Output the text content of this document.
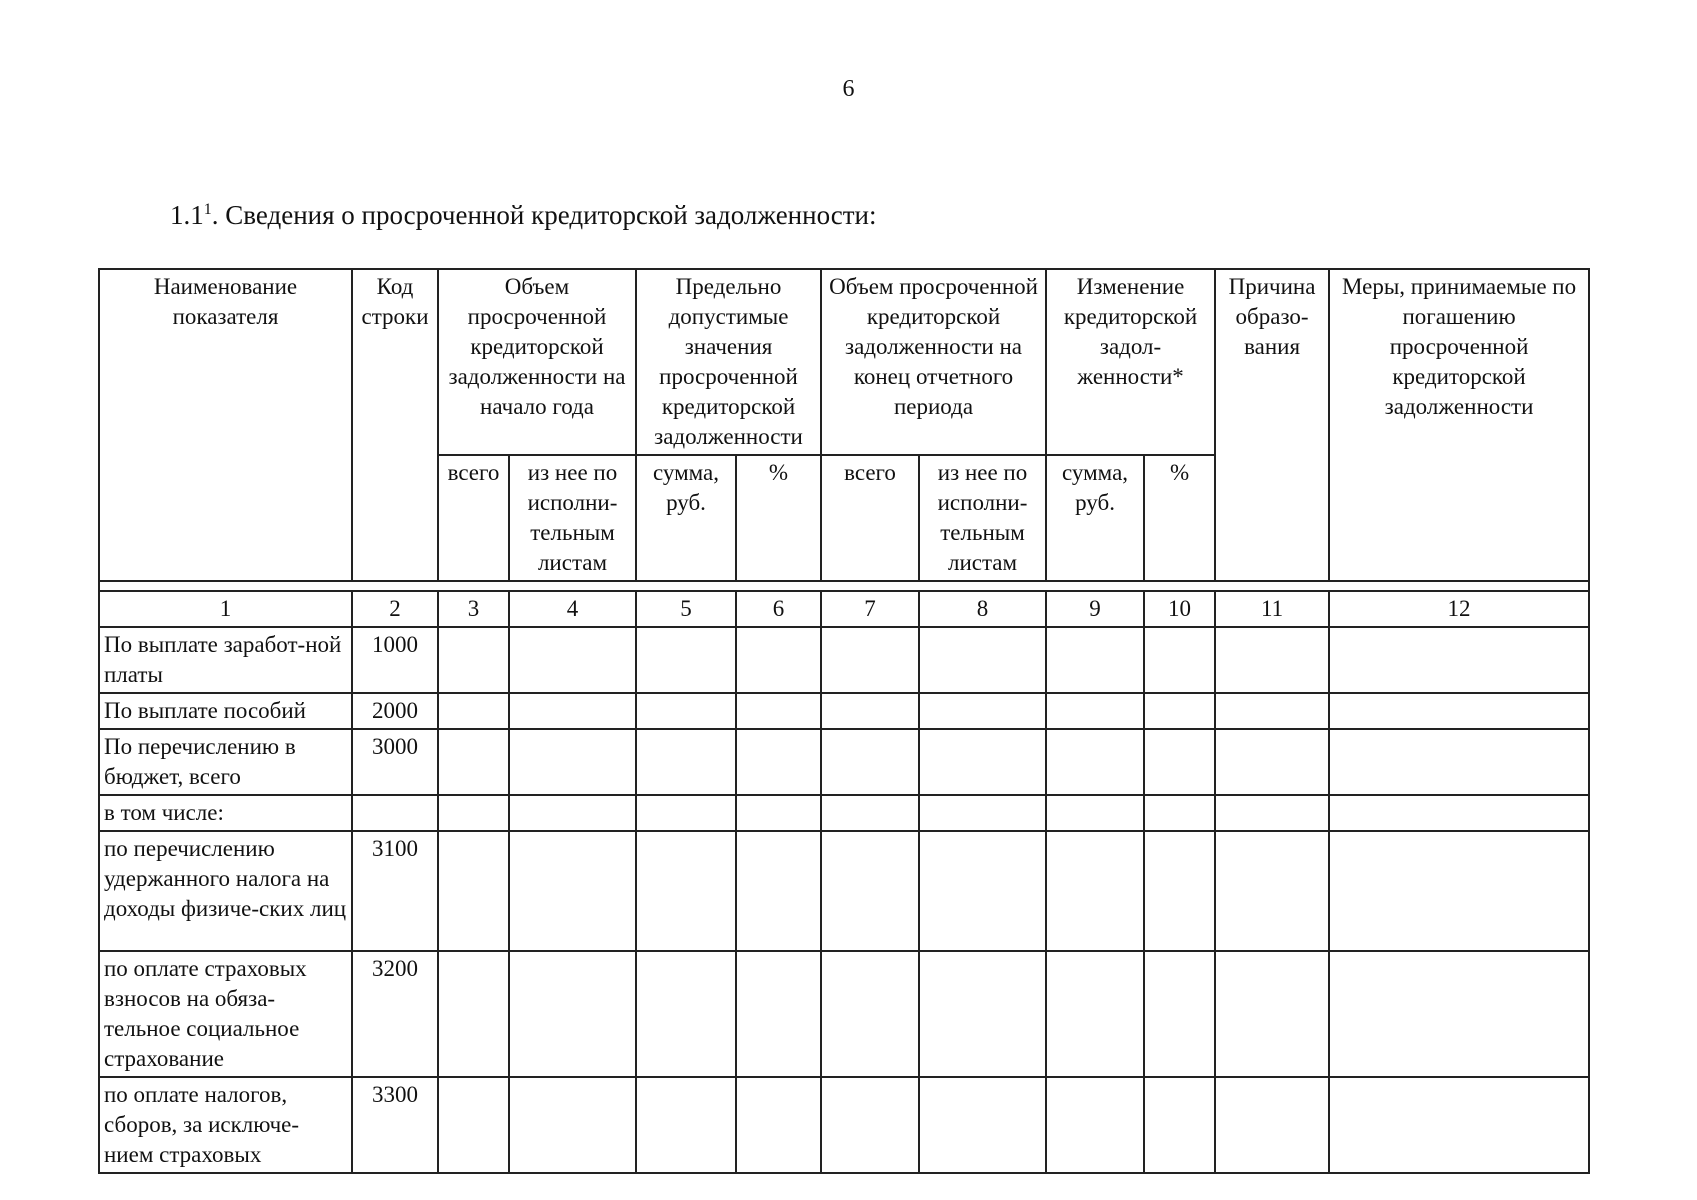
6
$1.1^1$. Сведения о просроченной кредиторской задолженности:
Наименование показателя	Код строки	Объем просроченной кредиторской задолженности на начало года		Предельно допустимые значения просроченной кредиторской задолженности		Объем просроченной кредиторской задолженности на конец отчетного периода		Изменение кредиторской задол-женности*		Причина образо-вания	Меры, принимаемые по погашению просроченной кредиторской задолженности
		всего	из нее по исполни-тельным листам	сумма, руб.	%	всего	из нее по исполни-тельным листам	сумма, руб.	%		

1	2	3	4	5	6	7	8	9	10	11	12
По выплате заработ-ной платы	1000										
По выплате пособий	2000										
По перечислению в бюджет, всего	3000										
в том числе:											
по перечислению удержанного налога на доходы физиче-ских лиц	3100										
по оплате страховых взносов на обяза-тельное социальное страхование	3200										
по оплате налогов, сборов, за исключе-нием страховых	3300										
